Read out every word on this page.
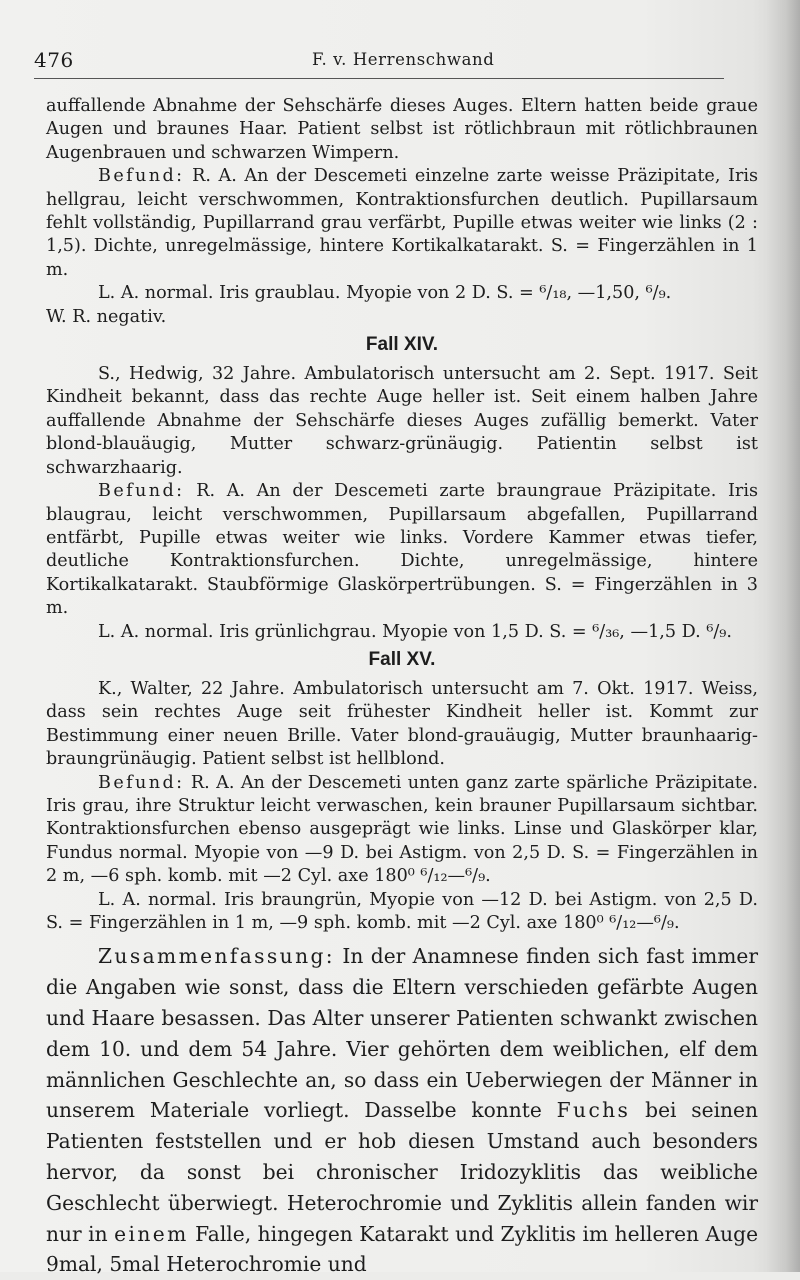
476	F. v. Herrenschwand

auffallende Abnahme der Sehschärfe dieses Auges. Eltern hatten beide graue Augen und braunes Haar. Patient selbst ist rötlichbraun mit rötlichbraunen Augenbrauen und schwarzen Wimpern.

Befund: R. A. An der Descemeti einzelne zarte weisse Präzipitate, Iris hellgrau, leicht verschwommen, Kontraktionsfurchen deutlich. Pupillarsaum fehlt vollständig, Pupillarrand grau verfärbt, Pupille etwas weiter wie links (2 : 1,5). Dichte, unregelmässige, hintere Kortikalkatarakt. S. = Fingerzählen in 1 m.

L. A. normal. Iris graublau. Myopie von 2 D. S. = ⁶/₁₈, —1,50, ⁶/₉.

W. R. negativ.

Fall XIV.

S., Hedwig, 32 Jahre. Ambulatorisch untersucht am 2. Sept. 1917. Seit Kindheit bekannt, dass das rechte Auge heller ist. Seit einem halben Jahre auffallende Abnahme der Sehschärfe dieses Auges zufällig bemerkt. Vater blond-blauäugig, Mutter schwarz-grünäugig. Patientin selbst ist schwarzhaarig.

Befund: R. A. An der Descemeti zarte braungraue Präzipitate. Iris blaugrau, leicht verschwommen, Pupillarsaum abgefallen, Pupillarrand entfärbt, Pupille etwas weiter wie links. Vordere Kammer etwas tiefer, deutliche Kontraktionsfurchen. Dichte, unregelmässige, hintere Kortikalkatarakt. Staubförmige Glaskörpertrübungen. S. = Fingerzählen in 3 m.

L. A. normal. Iris grünlichgrau. Myopie von 1,5 D. S. = ⁶/₃₆, —1,5 D. ⁶/₉.

Fall XV.

K., Walter, 22 Jahre. Ambulatorisch untersucht am 7. Okt. 1917. Weiss, dass sein rechtes Auge seit frühester Kindheit heller ist. Kommt zur Bestimmung einer neuen Brille. Vater blond-grauäugig, Mutter braunhaarig-braungrünäugig. Patient selbst ist hellblond.

Befund: R. A. An der Descemeti unten ganz zarte spärliche Präzipitate. Iris grau, ihre Struktur leicht verwaschen, kein brauner Pupillarsaum sichtbar. Kontraktionsfurchen ebenso ausgeprägt wie links. Linse und Glaskörper klar, Fundus normal. Myopie von —9 D. bei Astigm. von 2,5 D. S. = Fingerzählen in 2 m, —6 sph. komb. mit —2 Cyl. axe 180⁰ ⁶/₁₂—⁶/₉.

L. A. normal. Iris braungrün, Myopie von —12 D. bei Astigm. von 2,5 D. S. = Fingerzählen in 1 m, —9 sph. komb. mit —2 Cyl. axe 180⁰ ⁶/₁₂—⁶/₉.

Zusammenfassung: In der Anamnese finden sich fast immer die Angaben wie sonst, dass die Eltern verschieden gefärbte Augen und Haare besassen. Das Alter unserer Patienten schwankt zwischen dem 10. und dem 54 Jahre. Vier gehörten dem weiblichen, elf dem männlichen Geschlechte an, so dass ein Ueberwiegen der Männer in unserem Materiale vorliegt. Dasselbe konnte Fuchs bei seinen Patienten feststellen und er hob diesen Umstand auch besonders hervor, da sonst bei chronischer Iridozyklitis das weibliche Geschlecht überwiegt. Heterochromie und Zyklitis allein fanden wir nur in einem Falle, hingegen Katarakt und Zyklitis im helleren Auge 9mal, 5mal Heterochromie und
